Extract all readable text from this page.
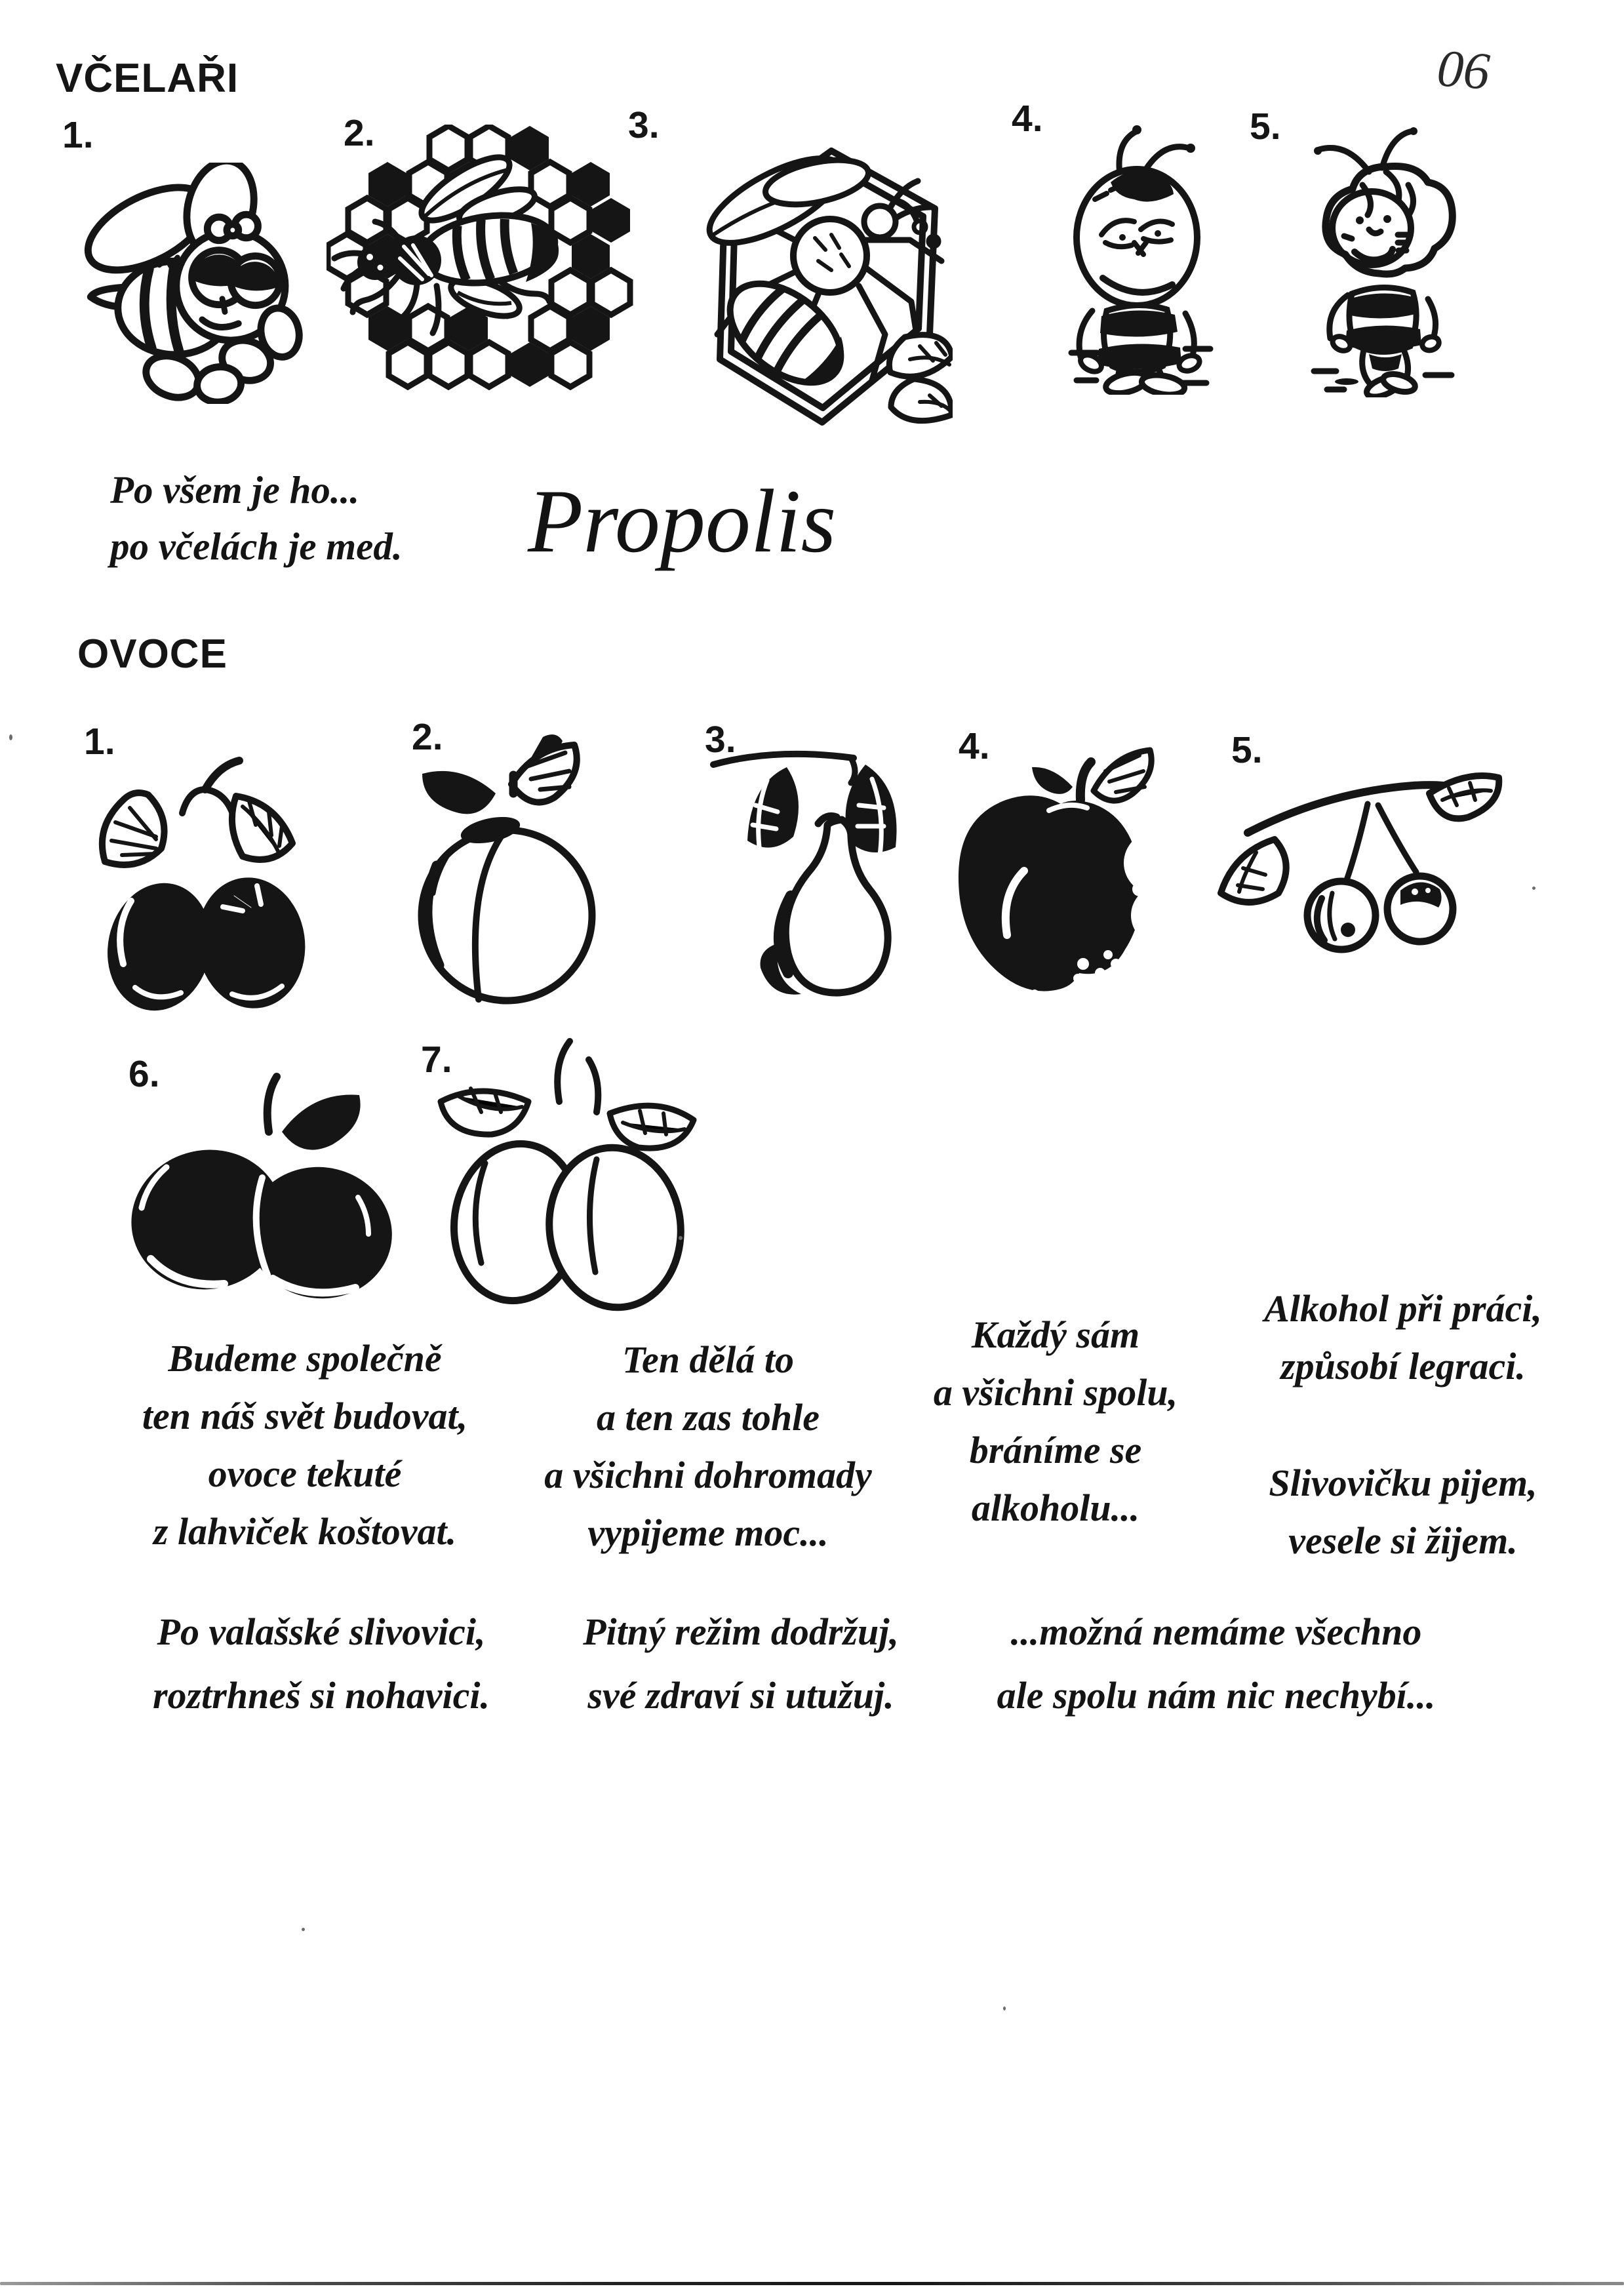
VČELAŘI	06
1.	2.	3.	4.	5.
Po všem je ho...
po včelách je med. Propolis
OVOCE
1.	2.	3.	4.	5.
6.	7.
Budeme společně
ten náš svět budovat,
ovoce tekuté
z lahviček koštovat.
Ten dělá to
a ten zas tohle
a všichni dohromady
vypijeme moc...
Každý sám
a všichni spolu,
bráníme se
alkoholu...
Alkohol při práci,
způsobí legraci.
Slivovičku pijem,
vesele si žijem.
Po valašské slivovici,
roztrhneš si nohavici.
Pitný režim dodržuj,
své zdraví si utužuj.
...možná nemáme všechno
ale spolu nám nic nechybí...
